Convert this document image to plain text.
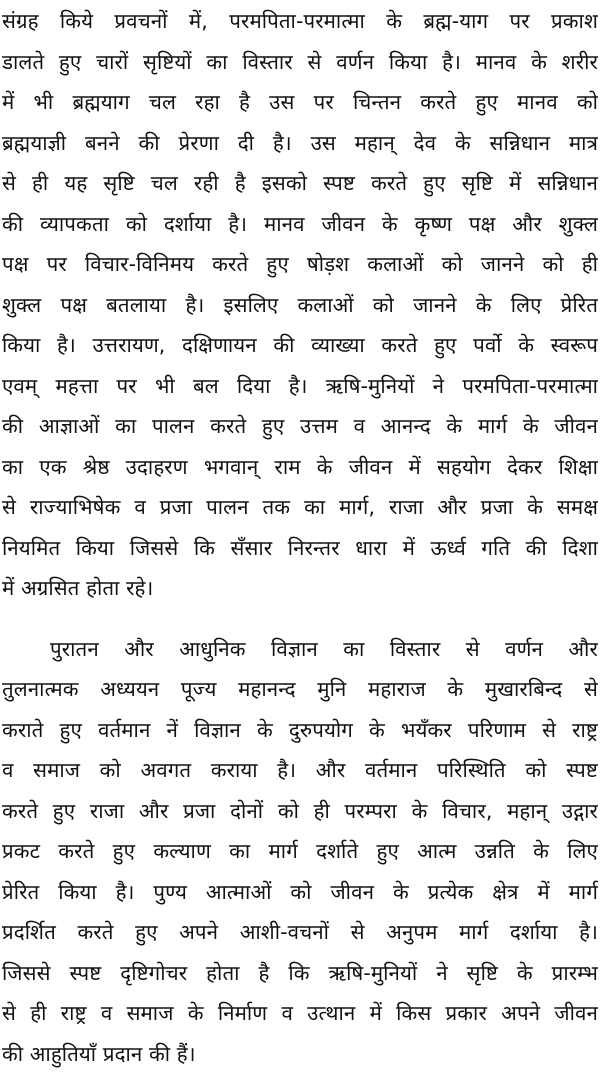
संग्रह किये प्रवचनों में, परमपिता-परमात्मा के ब्रह्म-याग पर प्रकाश
डालते हुए चारों सृष्टियों का विस्तार से वर्णन किया है। मानव के शरीर
में भी ब्रह्मयाग चल रहा है उस पर चिन्तन करते हुए मानव को
ब्रह्मयाज्ञी बनने की प्रेरणा दी है। उस महान् देव के सन्निधान मात्र
से ही यह सृष्टि चल रही है इसको स्पष्ट करते हुए सृष्टि में सन्निधान
की व्यापकता को दर्शाया है। मानव जीवन के कृष्ण पक्ष और शुक्ल
पक्ष पर विचार-विनिमय करते हुए षोड़श कलाओं को जानने को ही
शुक्ल पक्ष बतलाया है। इसलिए कलाओं को जानने के लिए प्रेरित
किया है। उत्तरायण, दक्षिणायन की व्याख्या करते हुए पर्वो के स्वरूप
एवम् महत्ता पर भी बल दिया है। ऋषि-मुनियों ने परमपिता-परमात्मा
की आज्ञाओं का पालन करते हुए उत्तम व आनन्द के मार्ग के जीवन
का एक श्रेष्ठ उदाहरण भगवान् राम के जीवन में सहयोग देकर शिक्षा
से राज्याभिषेक व प्रजा पालन तक का मार्ग, राजा और प्रजा के समक्ष
नियमित किया जिससे कि सँसार निरन्तर धारा में ऊर्ध्व गति की दिशा
में अग्रसित होता रहे।
पुरातन और आधुनिक विज्ञान का विस्तार से वर्णन और
तुलनात्मक अध्ययन पूज्य महानन्द मुनि महाराज के मुखारबिन्द से
कराते हुए वर्तमान नें विज्ञान के दुरुपयोग के भयँकर परिणाम से राष्ट्र
व समाज को अवगत कराया है। और वर्तमान परिस्थिति को स्पष्ट
करते हुए राजा और प्रजा दोनों को ही परम्परा के विचार, महान् उद्गार
प्रकट करते हुए कल्याण का मार्ग दर्शाते हुए आत्म उन्नति के लिए
प्रेरित किया है। पुण्य आत्माओं को जीवन के प्रत्येक क्षेत्र में मार्ग
प्रदर्शित करते हुए अपने आशी-वचनों से अनुपम मार्ग दर्शाया है।
जिससे स्पष्ट दृष्टिगोचर होता है कि ऋषि-मुनियों ने सृष्टि के प्रारम्भ
से ही राष्ट्र व समाज के निर्माण व उत्थान में किस प्रकार अपने जीवन
की आहुतियाँ प्रदान की हैं।
